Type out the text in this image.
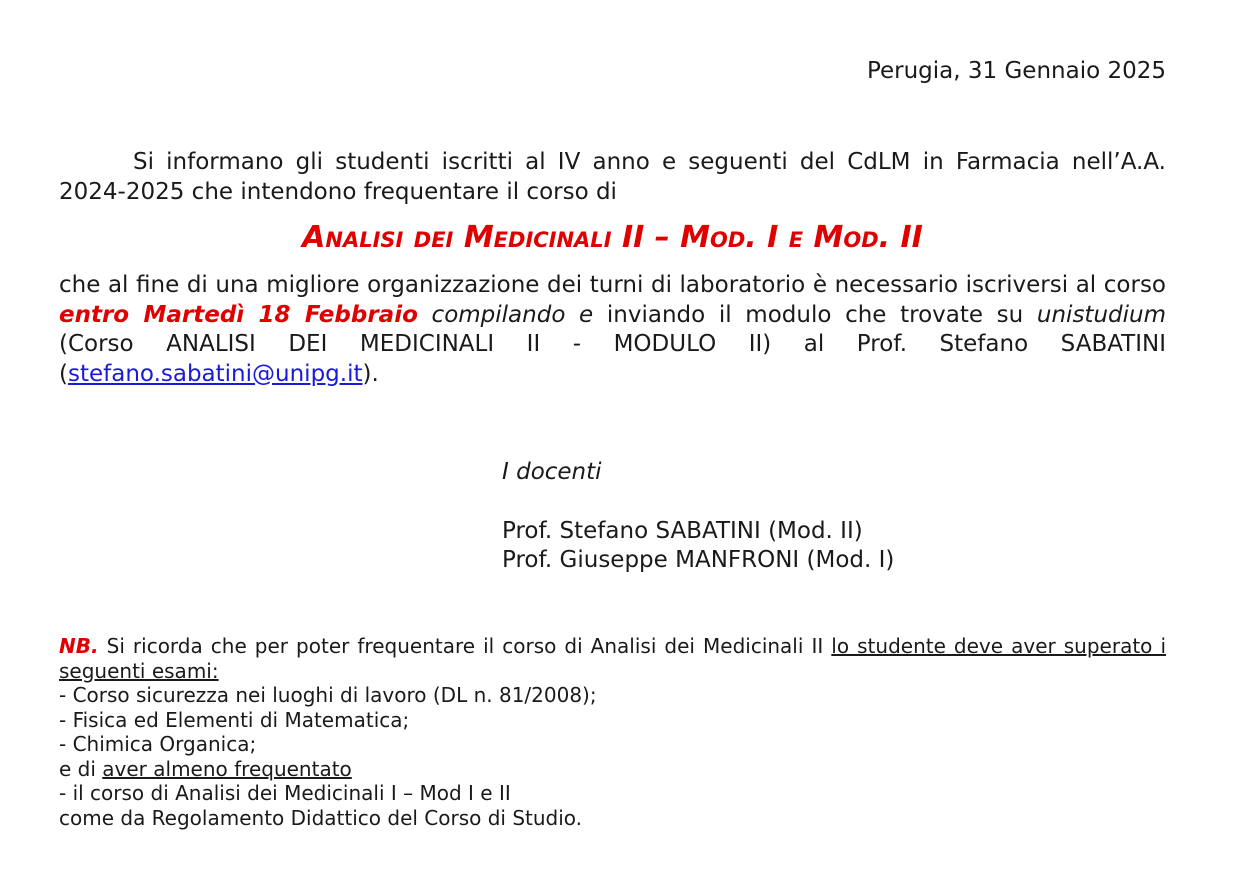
Perugia, 31 Gennaio 2025

Si informano gli studenti iscritti al IV anno e seguenti del CdLM in Farmacia nell’A.A. 2024-2025 che intendono frequentare il corso di

Analisi dei Medicinali II – Mod. I e Mod. II

che al fine di una migliore organizzazione dei turni di laboratorio è necessario iscriversi al corso entro Martedì 18 Febbraio compilando e inviando il modulo che trovate su unistudium (Corso ANALISI DEI MEDICINALI II - MODULO II) al Prof. Stefano SABATINI (stefano.sabatini@unipg.it).

I docenti
Prof. Stefano SABATINI (Mod. II)
Prof. Giuseppe MANFRONI (Mod. I)
NB. Si ricorda che per poter frequentare il corso di Analisi dei Medicinali II lo studente deve aver superato i seguenti esami:
- Corso sicurezza nei luoghi di lavoro (DL n. 81/2008);
- Fisica ed Elementi di Matematica;
- Chimica Organica;
e di aver almeno frequentato
- il corso di Analisi dei Medicinali I – Mod I e II
come da Regolamento Didattico del Corso di Studio.
